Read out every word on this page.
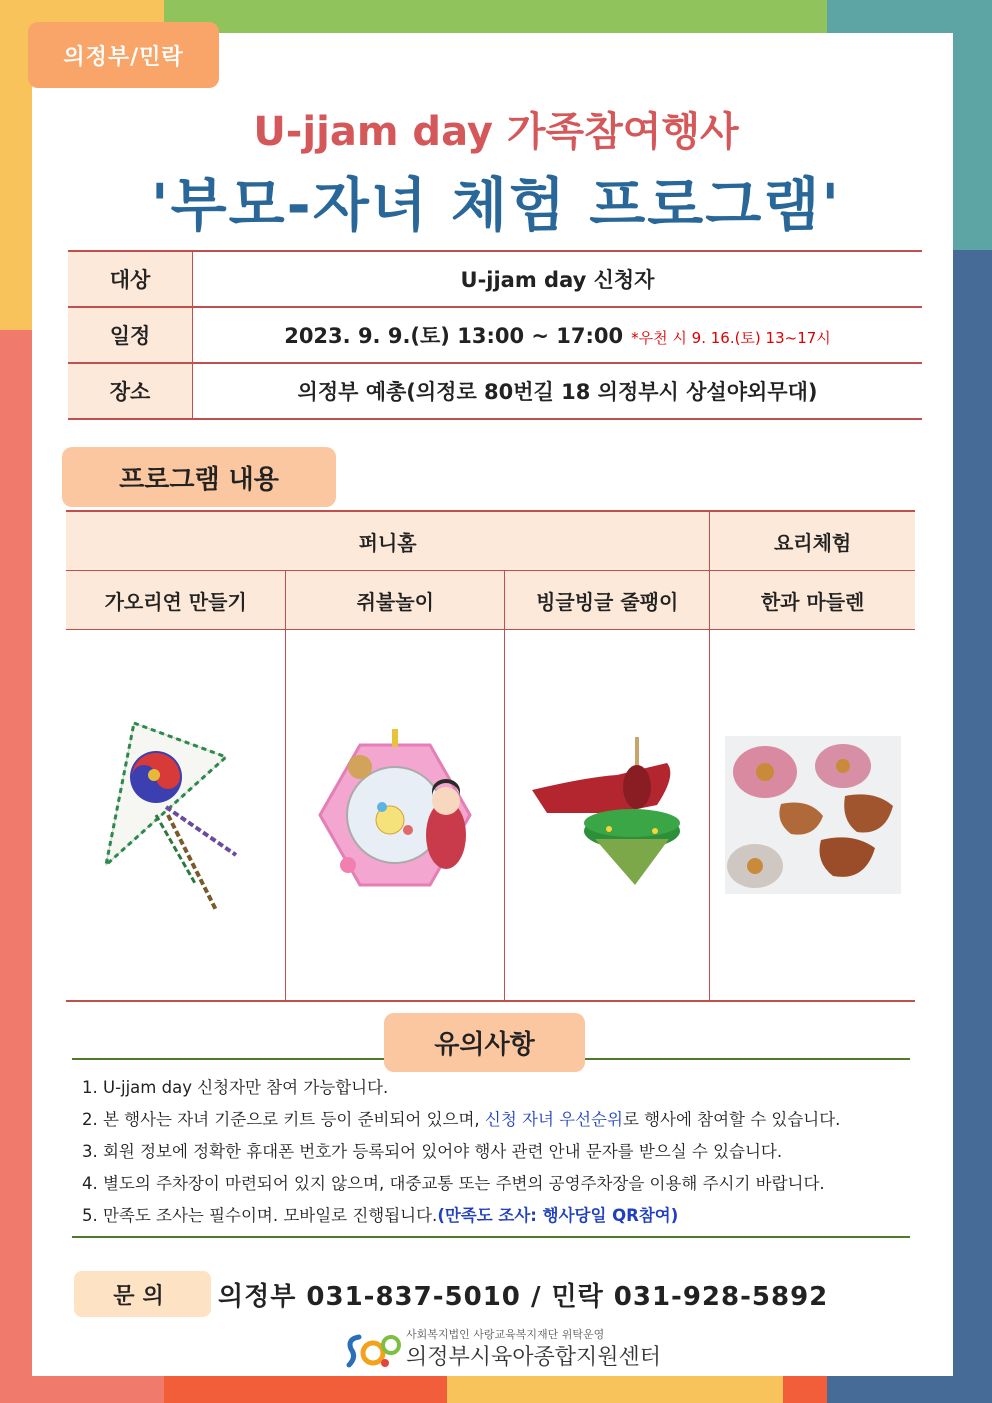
의정부/민락
U-jjam day 가족참여행사
'부모-자녀 체험 프로그램'
대상	U-jjam day 신청자
일정	2023. 9. 9.(토) 13:00 ~ 17:00 *우천 시 9. 16.(토) 13~17시
장소	의정부 예총(의정로 80번길 18 의정부시 상설야외무대)
프로그램 내용
퍼니홈			요리체험
가오리연 만들기	쥐불놀이	빙글빙글 줄팽이	한과 마들렌

유의사항
1. U-jjam day 신청자만 참여 가능합니다.
2. 본 행사는 자녀 기준으로 키트 등이 준비되어 있으며, 신청 자녀 우선순위로 행사에 참여할 수 있습니다.
3. 회원 정보에 정확한 휴대폰 번호가 등록되어 있어야 행사 관련 안내 문자를 받으실 수 있습니다.
4. 별도의 주차장이 마련되어 있지 않으며, 대중교통 또는 주변의 공영주차장을 이용해 주시기 바랍니다.
5. 만족도 조사는 필수이며. 모바일로 진행됩니다.(만족도 조사: 행사당일 QR참여)
문의	의정부 031-837-5010 / 민락 031-928-5892
사회복지법인 사랑교육복지재단 위탁운영
의정부시육아종합지원센터
